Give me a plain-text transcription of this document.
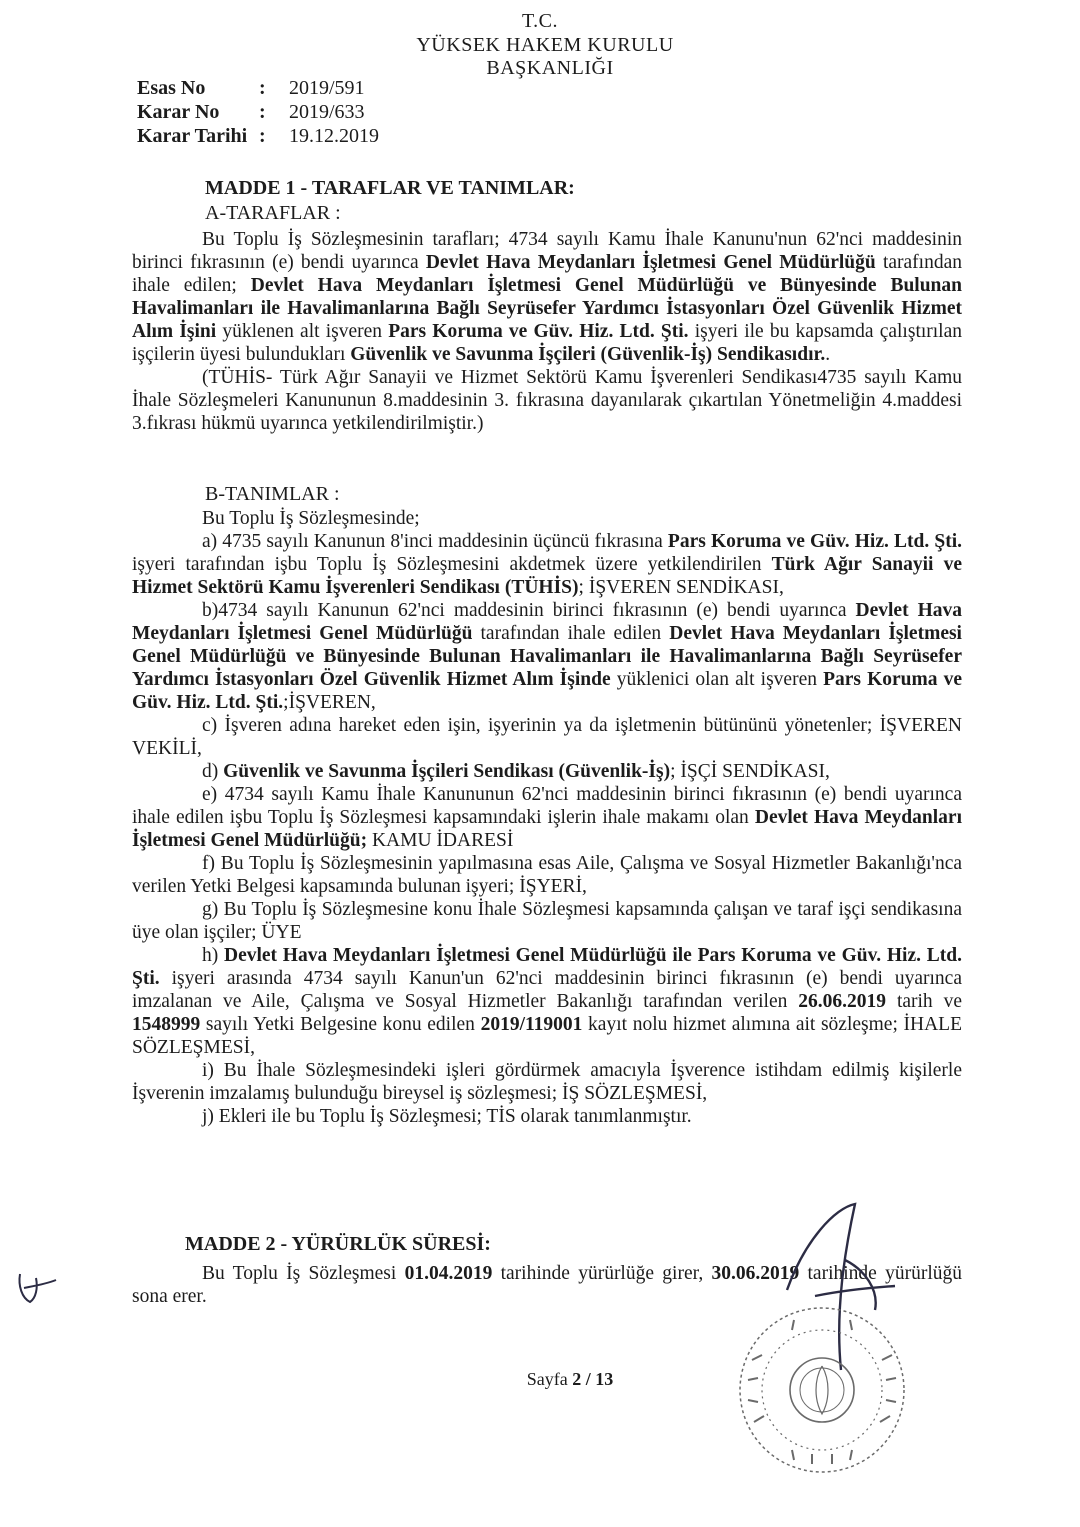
T.C.
YÜKSEK HAKEM KURULU
BAŞKANLIĞI
Esas No	:	2019/591
Karar No	:	2019/633
Karar Tarihi :	19.12.2019
MADDE 1 - TARAFLAR VE TANIMLAR:
A-TARAFLAR :

Bu Toplu İş Sözleşmesinin tarafları; 4734 sayılı Kamu İhale Kanunu'nun 62'nci maddesinin birinci fıkrasının (e) bendi uyarınca Devlet Hava Meydanları İşletmesi Genel Müdürlüğü tarafından ihale edilen; Devlet Hava Meydanları İşletmesi Genel Müdürlüğü ve Bünyesinde Bulunan Havalimanları ile Havalimanlarına Bağlı Seyrüsefer Yardımcı İstasyonları Özel Güvenlik Hizmet Alım İşini yüklenen alt işveren Pars Koruma ve Güv. Hiz. Ltd. Şti. işyeri ile bu kapsamda çalıştırılan işçilerin üyesi bulundukları Güvenlik ve Savunma İşçileri (Güvenlik-İş) Sendikasıdır..

(TÜHİS- Türk Ağır Sanayii ve Hizmet Sektörü Kamu İşverenleri Sendikası4735 sayılı Kamu İhale Sözleşmeleri Kanununun 8.maddesinin 3. fıkrasına dayanılarak çıkartılan Yönetmeliğin 4.maddesi 3.fıkrası hükmü uyarınca yetkilendirilmiştir.)

B-TANIMLAR :

Bu Toplu İş Sözleşmesinde;

a) 4735 sayılı Kanunun 8'inci maddesinin üçüncü fıkrasına Pars Koruma ve Güv. Hiz. Ltd. Şti. işyeri tarafından işbu Toplu İş Sözleşmesini akdetmek üzere yetkilendirilen Türk Ağır Sanayii ve Hizmet Sektörü Kamu İşverenleri Sendikası (TÜHİS); İŞVEREN SENDİKASI,

b)4734 sayılı Kanunun 62'nci maddesinin birinci fıkrasının (e) bendi uyarınca Devlet Hava Meydanları İşletmesi Genel Müdürlüğü tarafından ihale edilen Devlet Hava Meydanları İşletmesi Genel Müdürlüğü ve Bünyesinde Bulunan Havalimanları ile Havalimanlarına Bağlı Seyrüsefer Yardımcı İstasyonları Özel Güvenlik Hizmet Alım İşinde yüklenici olan alt işveren Pars Koruma ve Güv. Hiz. Ltd. Şti.;İŞVEREN,

c) İşveren adına hareket eden işin, işyerinin ya da işletmenin bütününü yönetenler; İŞVEREN VEKİLİ,

d) Güvenlik ve Savunma İşçileri Sendikası (Güvenlik-İş); İŞÇİ SENDİKASI,

e) 4734 sayılı Kamu İhale Kanununun 62'nci maddesinin birinci fıkrasının (e) bendi uyarınca ihale edilen işbu Toplu İş Sözleşmesi kapsamındaki işlerin ihale makamı olan Devlet Hava Meydanları İşletmesi Genel Müdürlüğü; KAMU İDARESİ

f) Bu Toplu İş Sözleşmesinin yapılmasına esas Aile, Çalışma ve Sosyal Hizmetler Bakanlığı'nca verilen Yetki Belgesi kapsamında bulunan işyeri; İŞYERİ,

g) Bu Toplu İş Sözleşmesine konu İhale Sözleşmesi kapsamında çalışan ve taraf işçi sendikasına üye olan işçiler; ÜYE

h) Devlet Hava Meydanları İşletmesi Genel Müdürlüğü ile Pars Koruma ve Güv. Hiz. Ltd. Şti. işyeri arasında 4734 sayılı Kanun'un 62'nci maddesinin birinci fıkrasının (e) bendi uyarınca imzalanan ve Aile, Çalışma ve Sosyal Hizmetler Bakanlığı tarafından verilen 26.06.2019 tarih ve 1548999 sayılı Yetki Belgesine konu edilen 2019/119001 kayıt nolu hizmet alımına ait sözleşme; İHALE SÖZLEŞMESİ,

i) Bu İhale Sözleşmesindeki işleri gördürmek amacıyla İşverence istihdam edilmiş kişilerle İşverenin imzalamış bulunduğu bireysel iş sözleşmesi; İŞ SÖZLEŞMESİ,

j) Ekleri ile bu Toplu İş Sözleşmesi; TİS olarak tanımlanmıştır.

MADDE 2 - YÜRÜRLÜK SÜRESİ:

Bu Toplu İş Sözleşmesi 01.04.2019 tarihinde yürürlüğe girer, 30.06.2019 tarihinde yürürlüğü sona erer.

Sayfa 2 / 13
